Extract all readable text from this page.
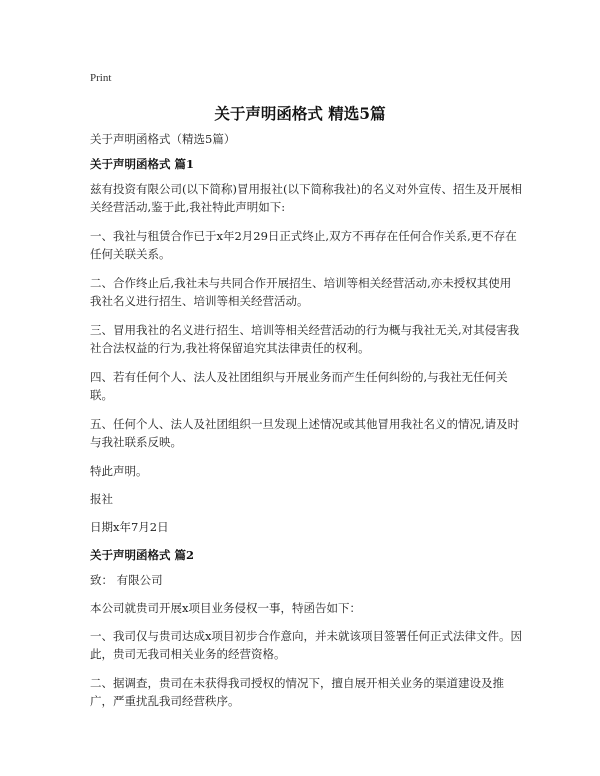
Print
关于声明函格式 精选5篇

关于声明函格式（精选5篇）

关于声明函格式 篇1

兹有投资有限公司(以下简称)冒用报社(以下简称我社)的名义对外宣传、招生及开展相关经营活动,鉴于此,我社特此声明如下:

一、我社与租赁合作已于x年2月29日正式终止,双方不再存在任何合作关系,更不存在任何关联关系。

二、合作终止后,我社未与共同合作开展招生、培训等相关经营活动,亦未授权其使用我社名义进行招生、培训等相关经营活动。

三、冒用我社的名义进行招生、培训等相关经营活动的行为概与我社无关,对其侵害我社合法权益的行为,我社将保留追究其法律责任的权利。

四、若有任何个人、法人及社团组织与开展业务而产生任何纠纷的,与我社无任何关联。

五、任何个人、法人及社团组织一旦发现上述情况或其他冒用我社名义的情况,请及时与我社联系反映。

特此声明。

报社

日期x年7月2日

关于声明函格式 篇2

致： 有限公司

本公司就贵司开展x项目业务侵权一事，特函告如下：

一、我司仅与贵司达成x项目初步合作意向，并未就该项目签署任何正式法律文件。因此，贵司无我司相关业务的经营资格。

二、据调查，贵司在未获得我司授权的情况下，擅自展开相关业务的渠道建设及推广，严重扰乱我司经营秩序。
